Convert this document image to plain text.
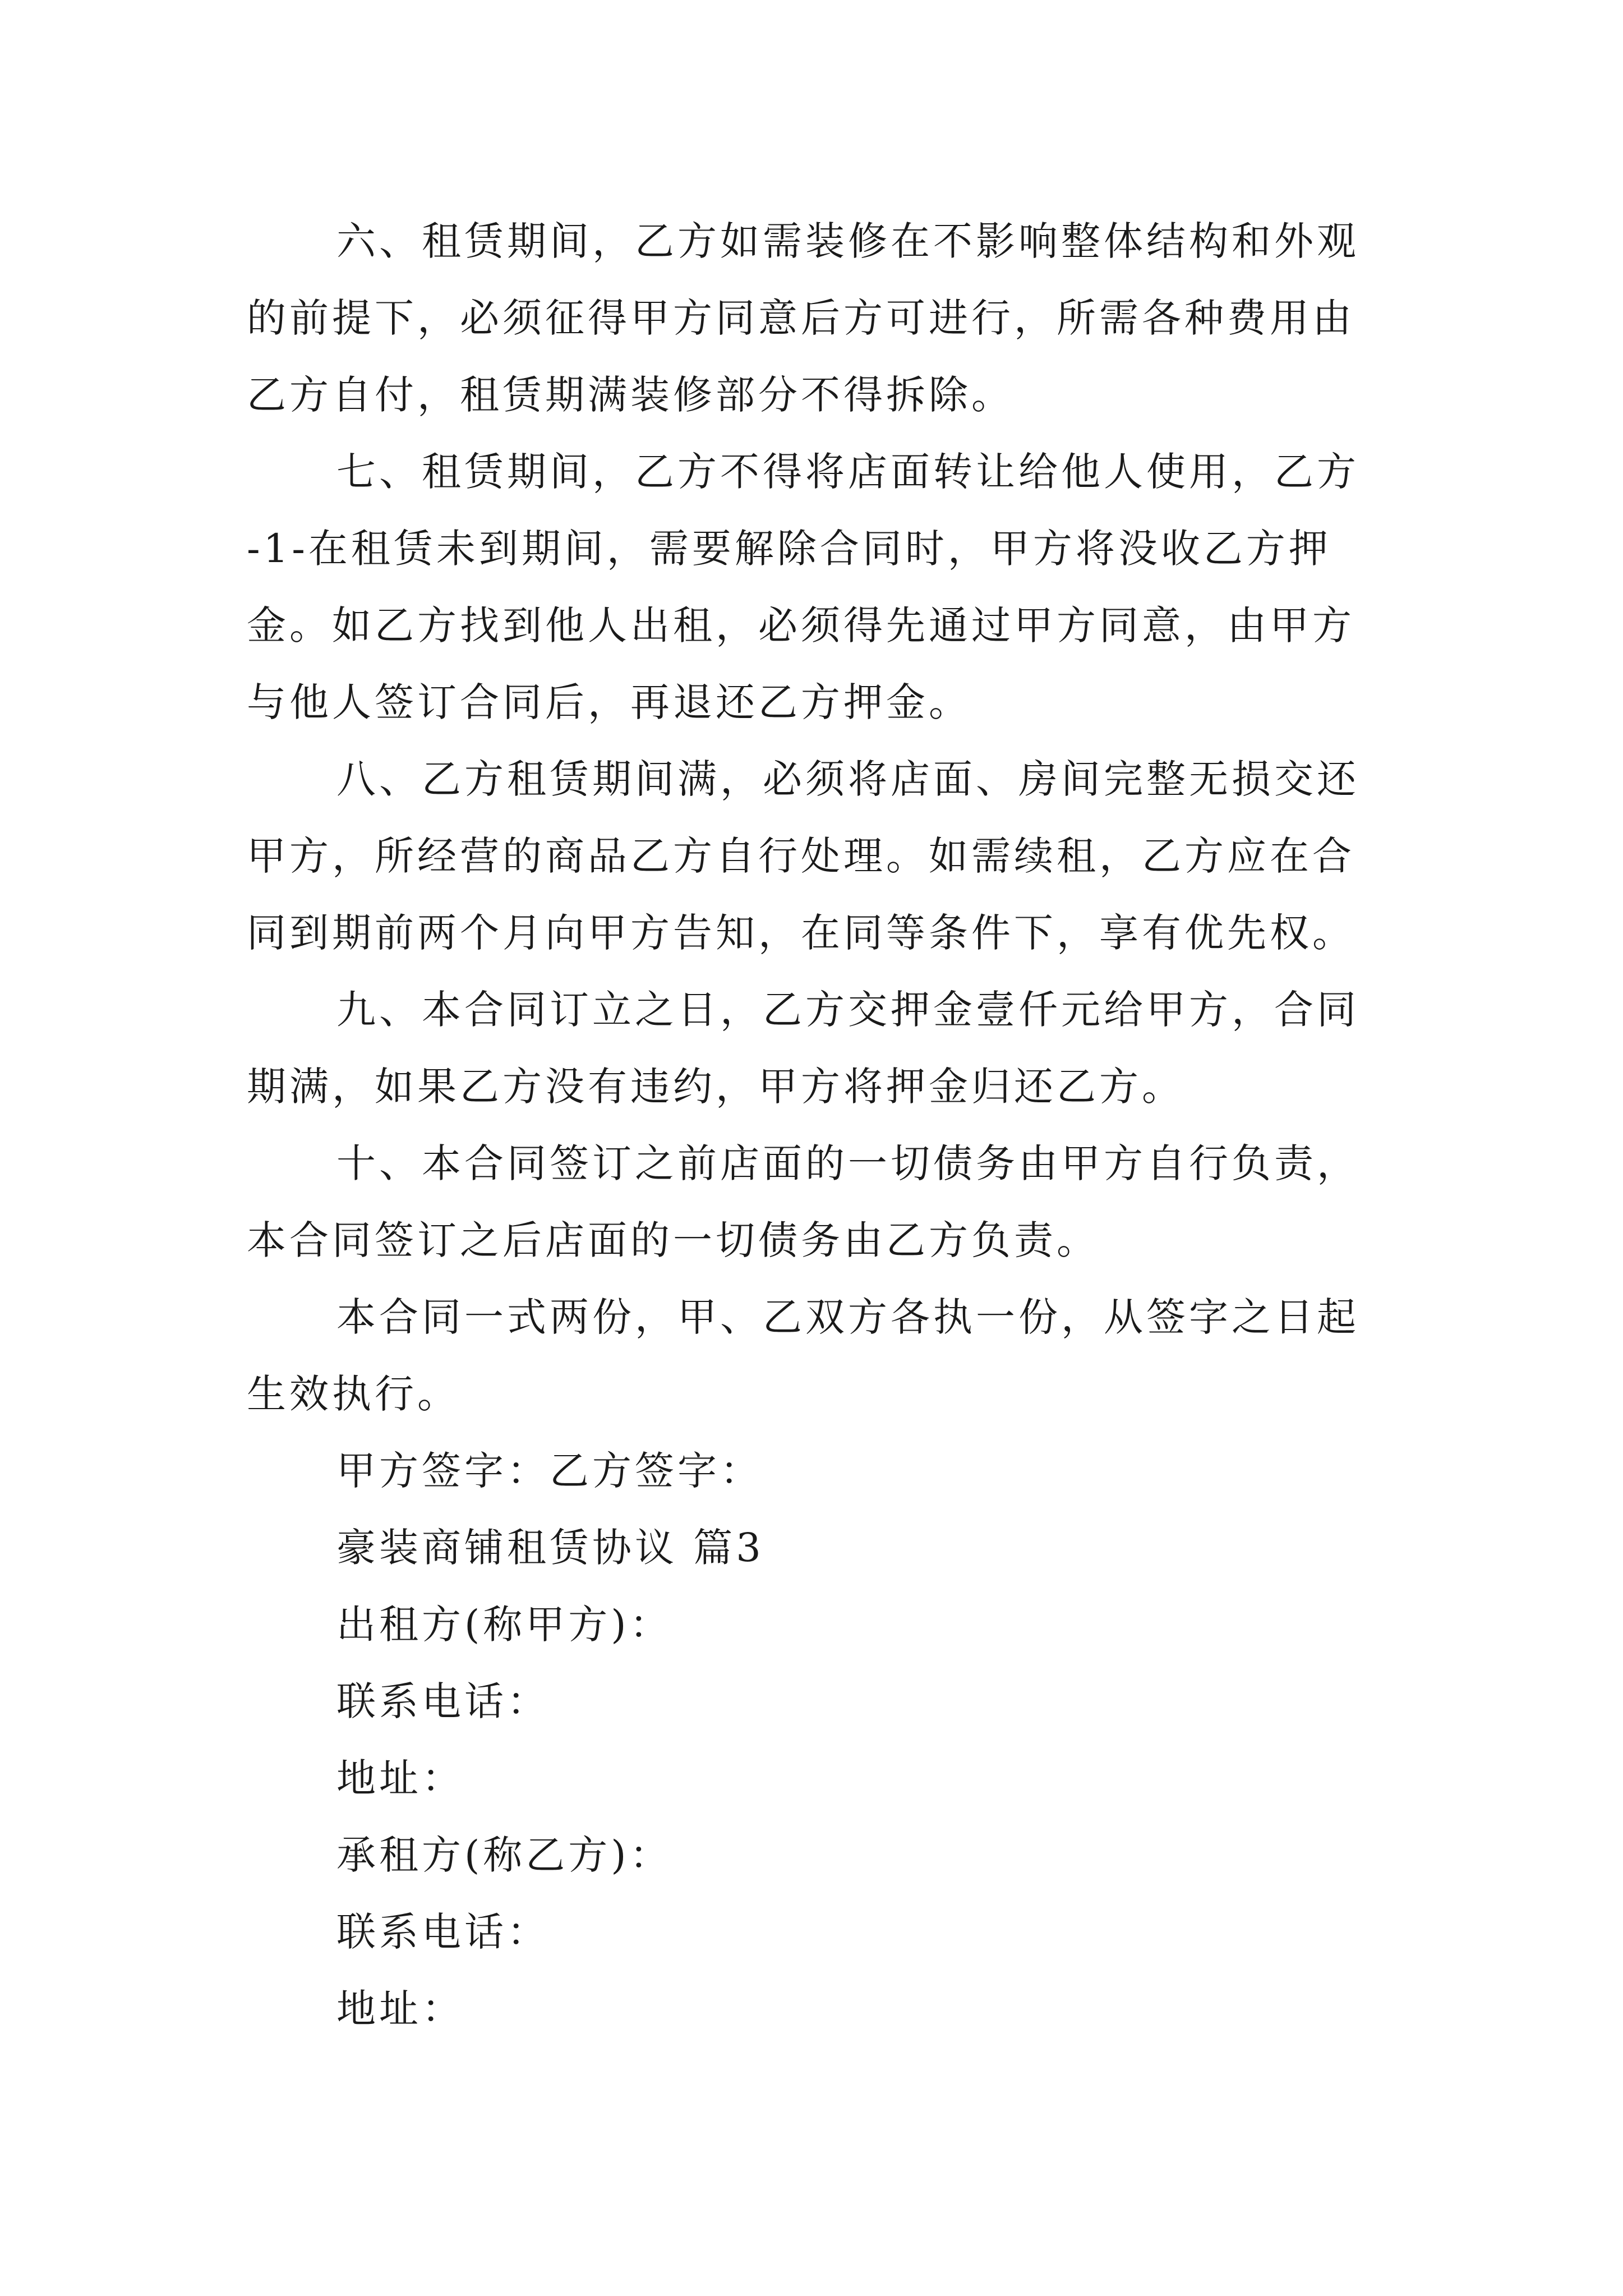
六、租赁期间，乙方如需装修在不影响整体结构和外观
的前提下，必须征得甲方同意后方可进行，所需各种费用由
乙方自付，租赁期满装修部分不得拆除。
七、租赁期间，乙方不得将店面转让给他人使用，乙方
-1-在租赁未到期间，需要解除合同时，甲方将没收乙方押
金。如乙方找到他人出租，必须得先通过甲方同意，由甲方
与他人签订合同后，再退还乙方押金。
八、乙方租赁期间满，必须将店面、房间完整无损交还
甲方，所经营的商品乙方自行处理。如需续租，乙方应在合
同到期前两个月向甲方告知，在同等条件下，享有优先权。
九、本合同订立之日，乙方交押金壹仟元给甲方，合同
期满，如果乙方没有违约，甲方将押金归还乙方。
十、本合同签订之前店面的一切债务由甲方自行负责，
本合同签订之后店面的一切债务由乙方负责。
本合同一式两份，甲、乙双方各执一份，从签字之日起
生效执行。
甲方签字：乙方签字：
豪装商铺租赁协议 篇3
出租方(称甲方)：
联系电话：
地址：
承租方(称乙方)：
联系电话：
地址：
